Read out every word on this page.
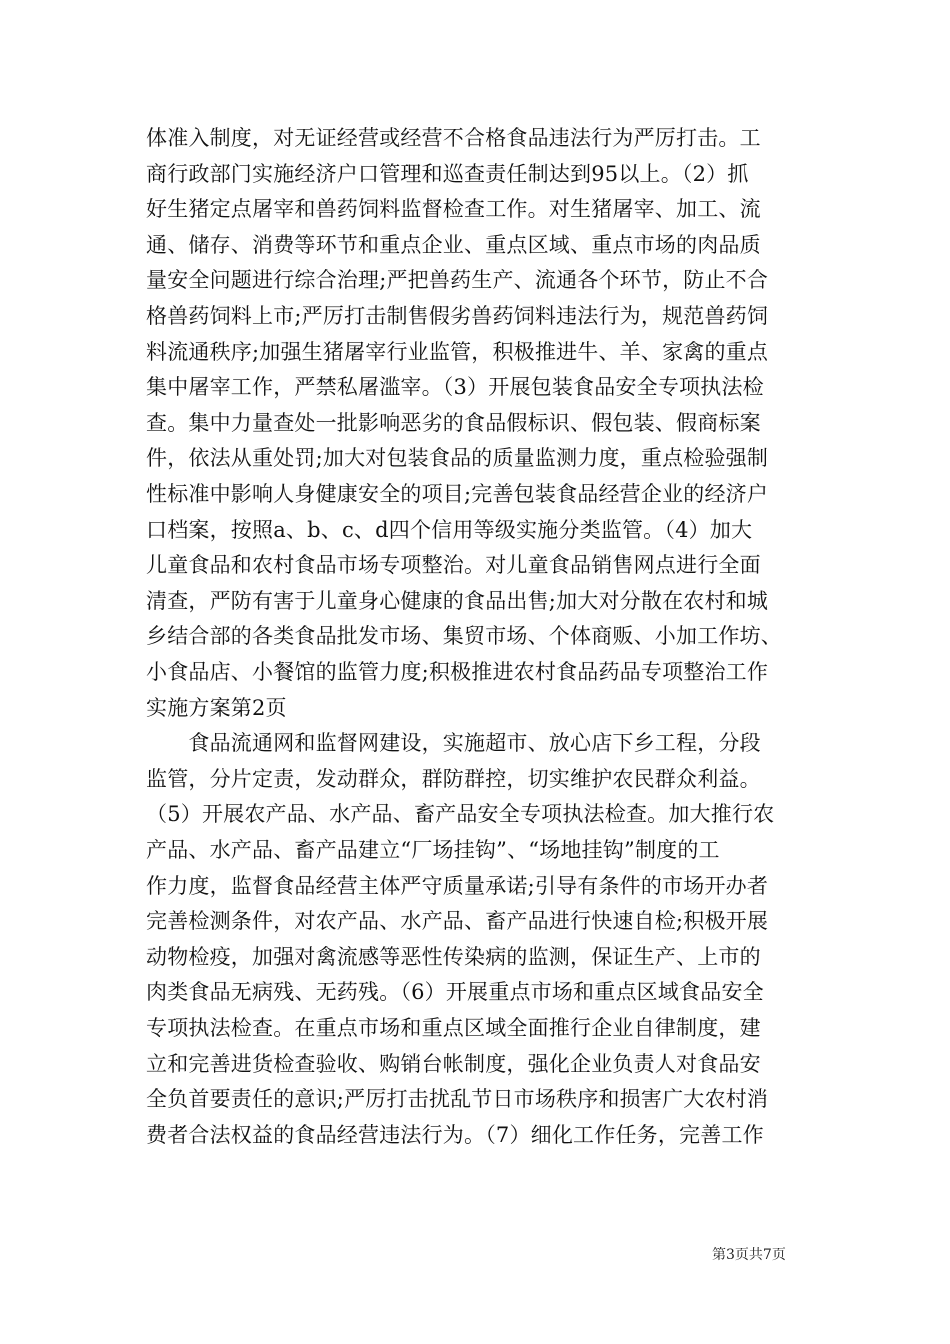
体准入制度，对无证经营或经营不合格食品违法行为严厉打击。工
商行政部门实施经济户口管理和巡查责任制达到95以上。（2）抓
好生猪定点屠宰和兽药饲料监督检查工作。对生猪屠宰、加工、流
通、储存、消费等环节和重点企业、重点区域、重点市场的肉品质
量安全问题进行综合治理;严把兽药生产、流通各个环节，防止不合
格兽药饲料上市;严厉打击制售假劣兽药饲料违法行为，规范兽药饲
料流通秩序;加强生猪屠宰行业监管，积极推进牛、羊、家禽的重点
集中屠宰工作，严禁私屠滥宰。（3）开展包装食品安全专项执法检
查。集中力量查处一批影响恶劣的食品假标识、假包装、假商标案
件，依法从重处罚;加大对包装食品的质量监测力度，重点检验强制
性标准中影响人身健康安全的项目;完善包装食品经营企业的经济户
口档案，按照a、b、c、d四个信用等级实施分类监管。（4）加大
儿童食品和农村食品市场专项整治。对儿童食品销售网点进行全面
清查，严防有害于儿童身心健康的食品出售;加大对分散在农村和城
乡结合部的各类食品批发市场、集贸市场、个体商贩、小加工作坊、
小食品店、小餐馆的监管力度;积极推进农村食品药品专项整治工作
实施方案第2页
　　食品流通网和监督网建设，实施超市、放心店下乡工程，分段
监管，分片定责，发动群众，群防群控，切实维护农民群众利益。
（5）开展农产品、水产品、畜产品安全专项执法检查。加大推行农
产品、水产品、畜产品建立“厂场挂钩”、“场地挂钩”制度的工
作力度，监督食品经营主体严守质量承诺;引导有条件的市场开办者
完善检测条件，对农产品、水产品、畜产品进行快速自检;积极开展
动物检疫，加强对禽流感等恶性传染病的监测，保证生产、上市的
肉类食品无病残、无药残。（6）开展重点市场和重点区域食品安全
专项执法检查。在重点市场和重点区域全面推行企业自律制度，建
立和完善进货检查验收、购销台帐制度，强化企业负责人对食品安
全负首要责任的意识;严厉打击扰乱节日市场秩序和损害广大农村消
费者合法权益的食品经营违法行为。（7）细化工作任务，完善工作
第3页共7页
